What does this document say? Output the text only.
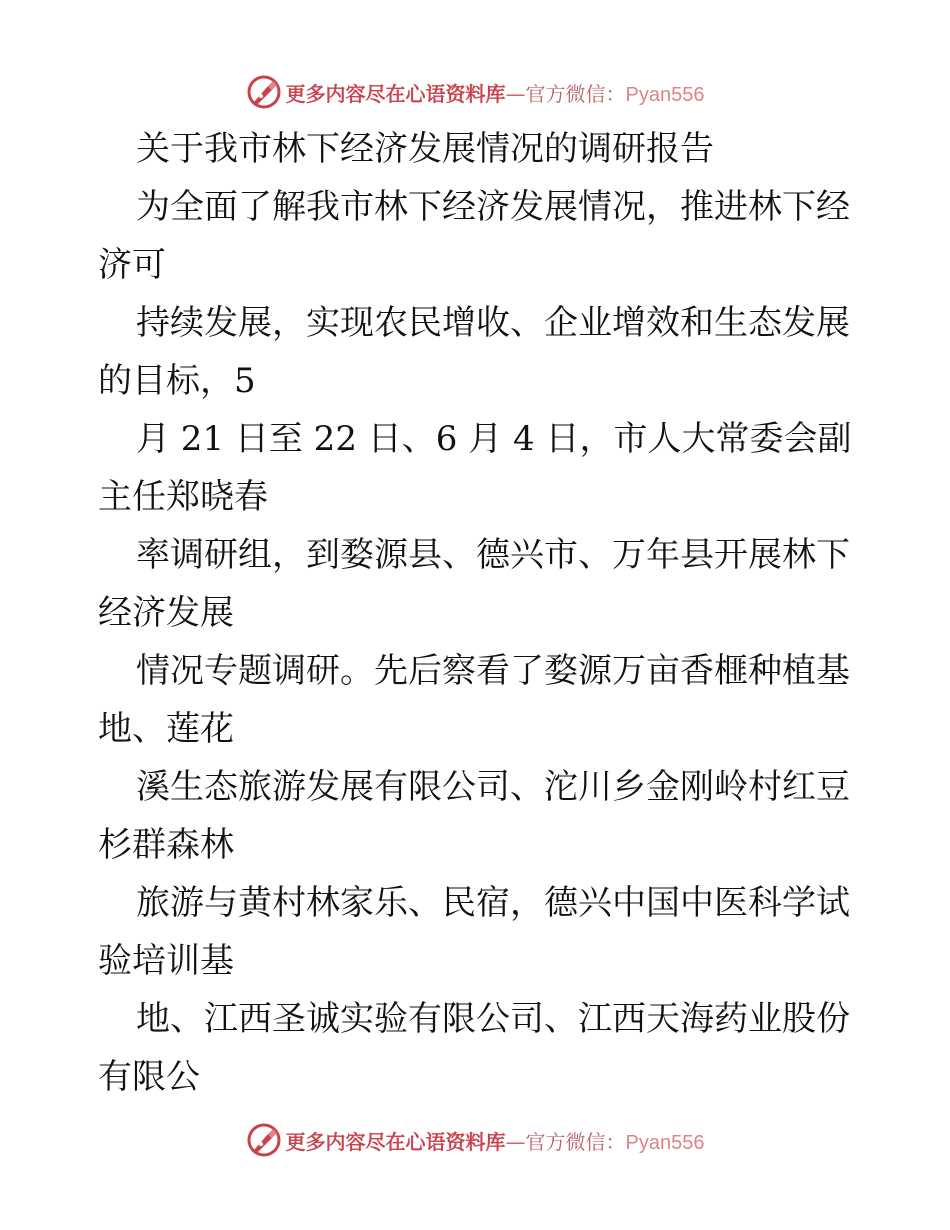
更多内容尽在心语资料库—官方微信：Pyan556
关于我市林下经济发展情况的调研报告
为全面了解我市林下经济发展情况，推进林下经
济可
持续发展，实现农民增收、企业增效和生态发展
的目标，5
月 21 日至 22 日、6 月 4 日，市人大常委会副
主任郑晓春
率调研组，到婺源县、德兴市、万年县开展林下
经济发展
情况专题调研。先后察看了婺源万亩香榧种植基
地、莲花
溪生态旅游发展有限公司、沱川乡金刚岭村红豆
杉群森林
旅游与黄村林家乐、民宿，德兴中国中医科学试
验培训基
地、江西圣诚实验有限公司、江西天海药业股份
有限公
更多内容尽在心语资料库—官方微信：Pyan556
